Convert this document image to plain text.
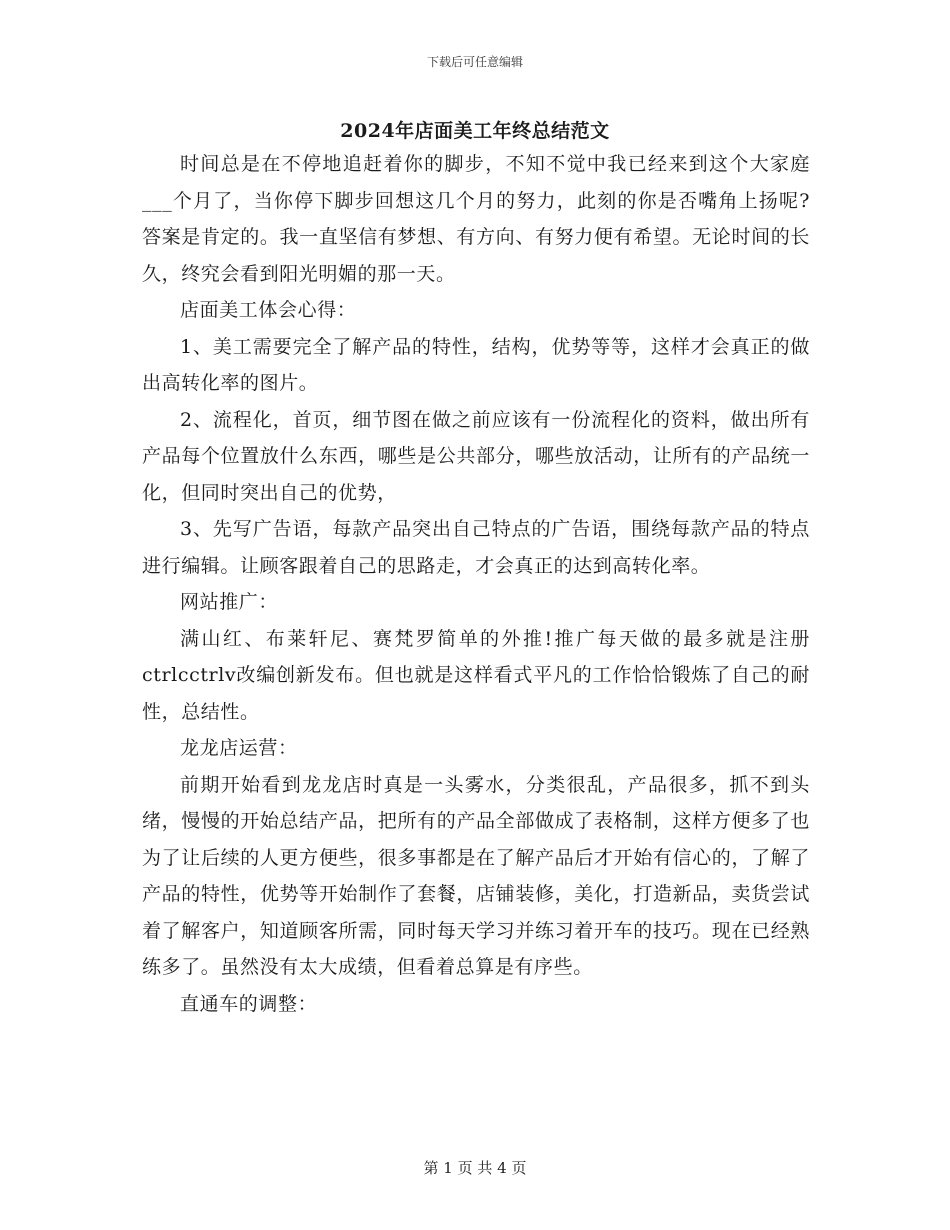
下载后可任意编辑
2024年店面美工年终总结范文

时间总是在不停地追赶着你的脚步，不知不觉中我已经来到这个大家庭___个月了，当你停下脚步回想这几个月的努力，此刻的你是否嘴角上扬呢?答案是肯定的。我一直坚信有梦想、有方向、有努力便有希望。无论时间的长久，终究会看到阳光明媚的那一天。

店面美工体会心得：

1、美工需要完全了解产品的特性，结构，优势等等，这样才会真正的做出高转化率的图片。

2、流程化，首页，细节图在做之前应该有一份流程化的资料，做出所有产品每个位置放什么东西，哪些是公共部分，哪些放活动，让所有的产品统一化，但同时突出自己的优势，

3、先写广告语，每款产品突出自己特点的广告语，围绕每款产品的特点进行编辑。让顾客跟着自己的思路走，才会真正的达到高转化率。

网站推广：

满山红、布莱轩尼、赛梵罗简单的外推!推广每天做的最多就是注册ctrlcctrlv改编创新发布。但也就是这样看式平凡的工作恰恰锻炼了自己的耐性，总结性。

龙龙店运营：

前期开始看到龙龙店时真是一头雾水，分类很乱，产品很多，抓不到头绪，慢慢的开始总结产品，把所有的产品全部做成了表格制，这样方便多了也为了让后续的人更方便些，很多事都是在了解产品后才开始有信心的，了解了产品的特性，优势等开始制作了套餐，店铺装修，美化，打造新品，卖货尝试着了解客户，知道顾客所需，同时每天学习并练习着开车的技巧。现在已经熟练多了。虽然没有太大成绩，但看着总算是有序些。

直通车的调整：

第 1 页 共 4 页
